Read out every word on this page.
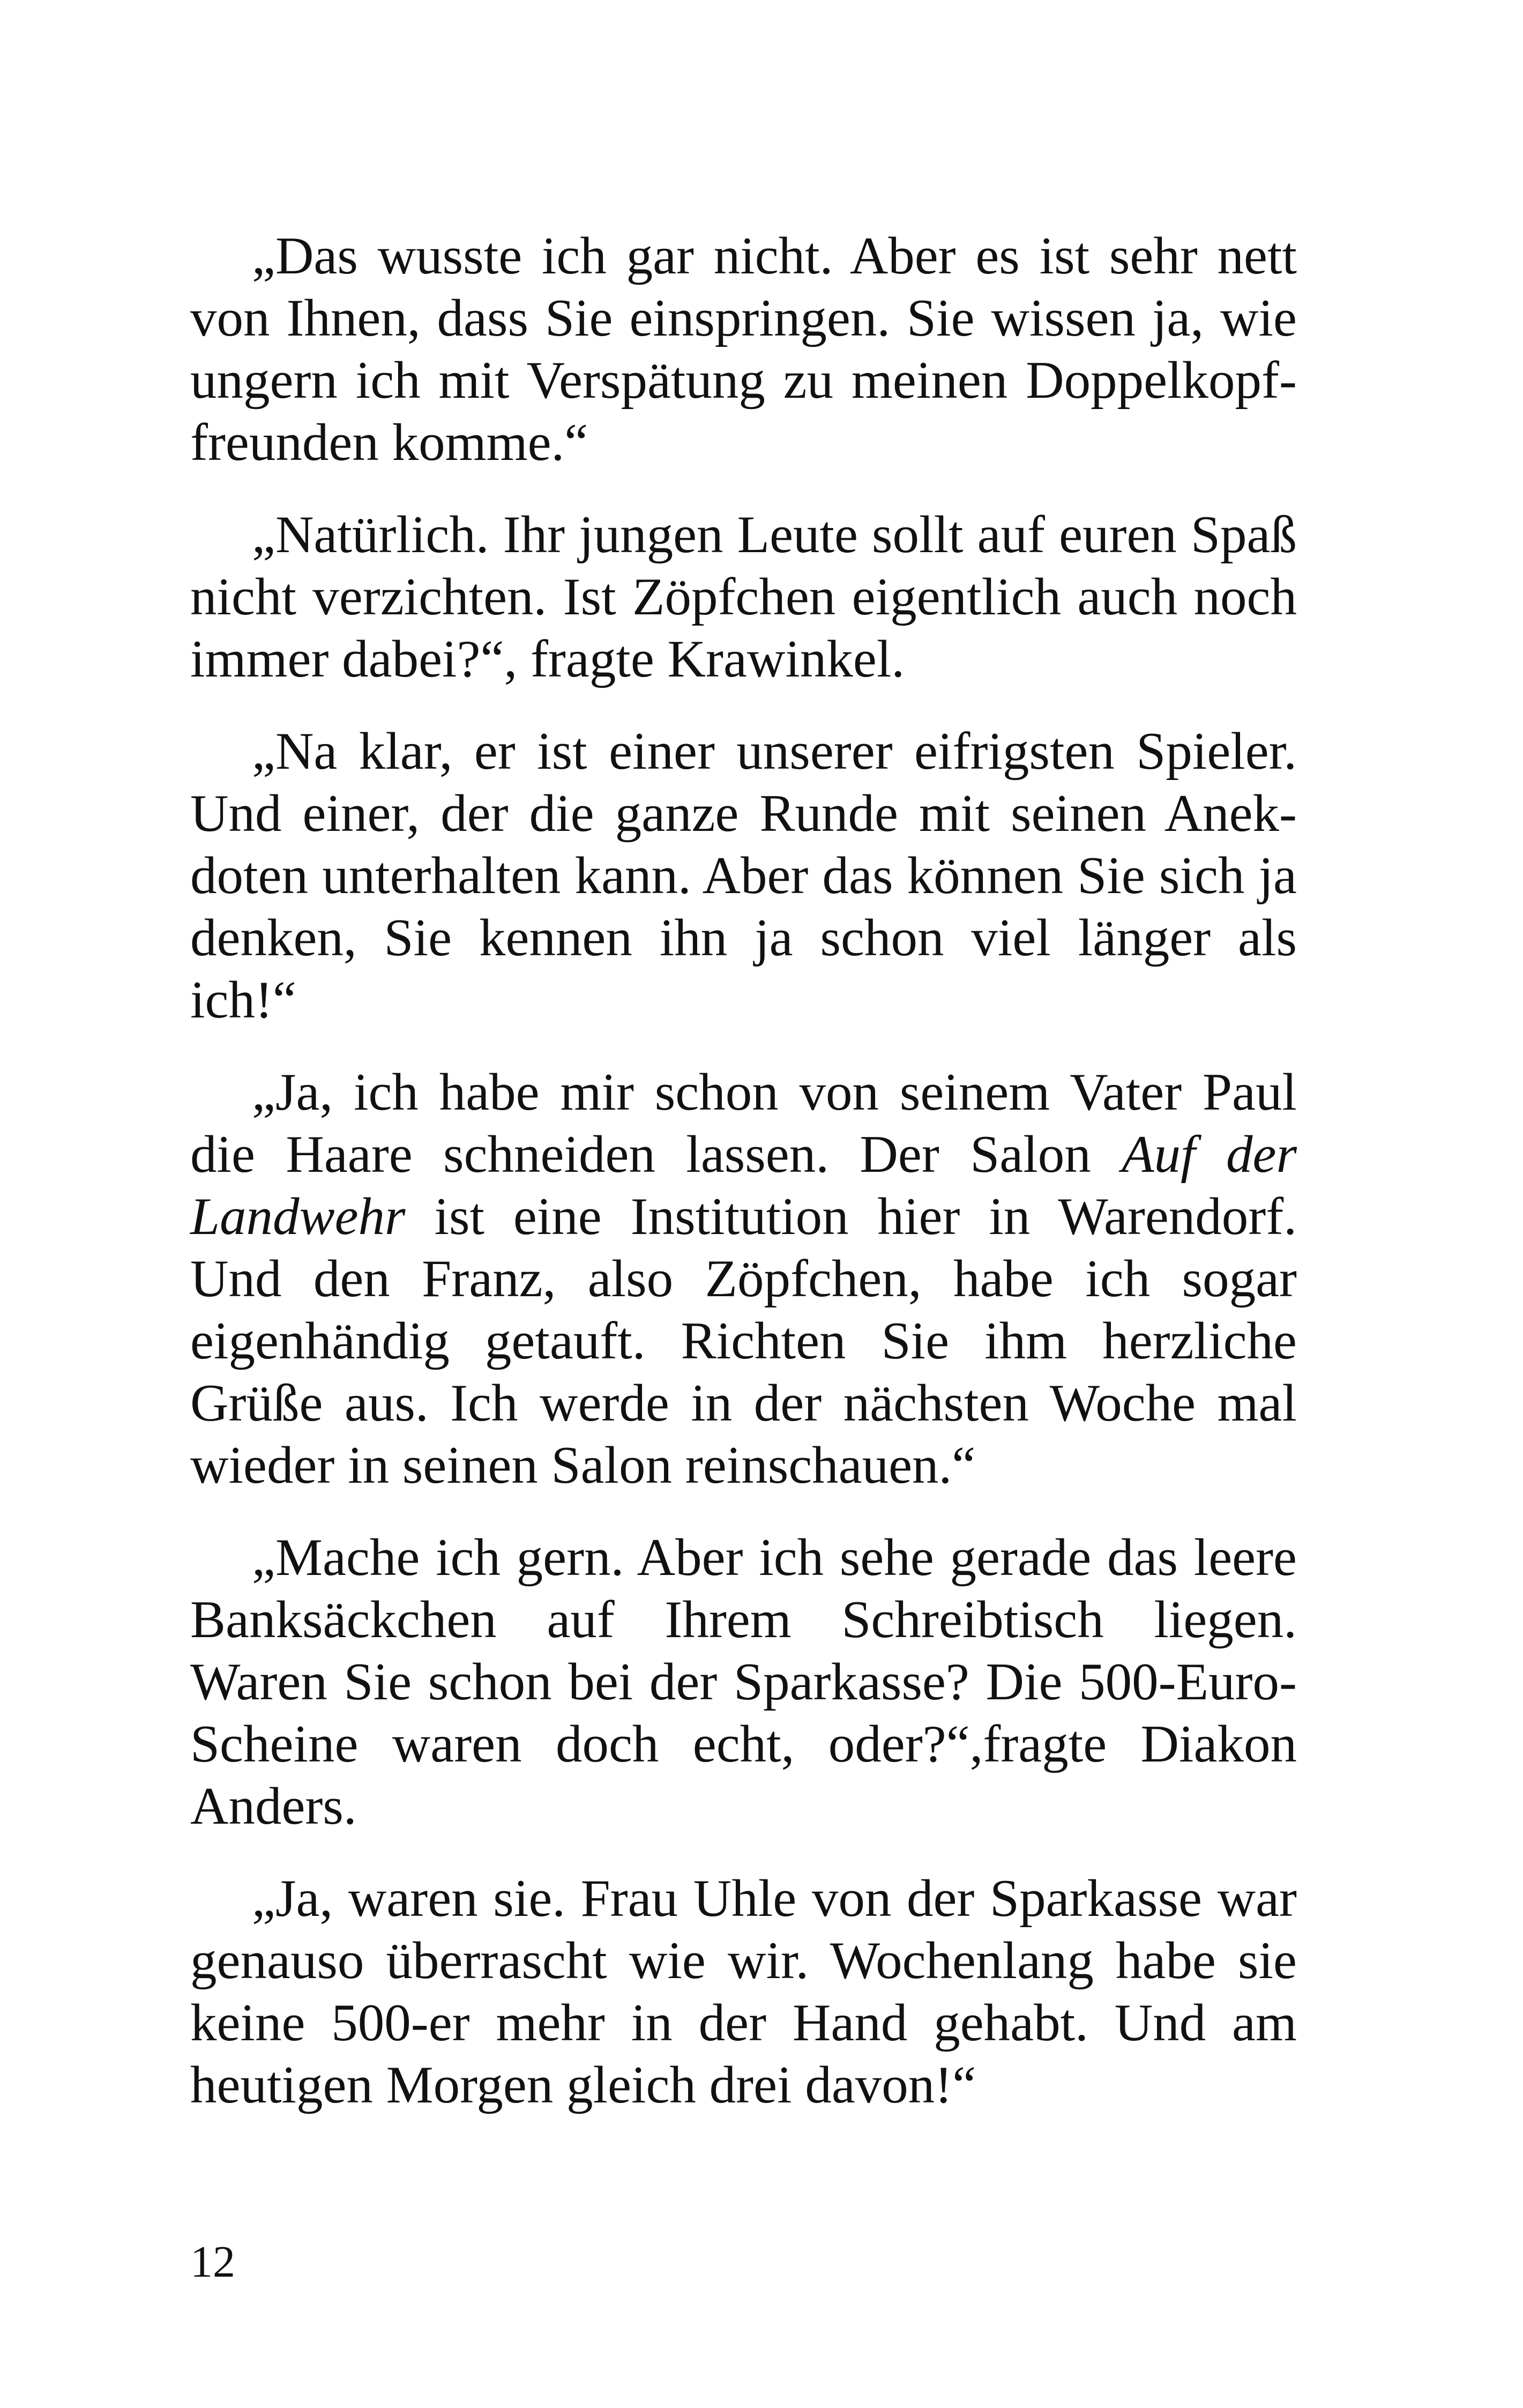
„Das wusste ich gar nicht. Aber es ist sehr nett von Ihnen, dass Sie einspringen. Sie wissen ja, wie ungern ich mit Verspätung zu meinen Doppelkopffreunden komme.“

„Natürlich. Ihr jungen Leute sollt auf euren Spaß nicht verzichten. Ist Zöpfchen eigentlich auch noch immer dabei?“, fragte Krawinkel.

„Na klar, er ist einer unserer eifrigsten Spieler. Und einer, der die ganze Runde mit seinen Anekdoten unterhalten kann. Aber das können Sie sich ja denken, Sie kennen ihn ja schon viel länger als ich!“

„Ja, ich habe mir schon von seinem Vater Paul die Haare schneiden lassen. Der Salon Auf der Landwehr ist eine Institution hier in Warendorf. Und den Franz, also Zöpfchen, habe ich sogar eigenhändig getauft. Richten Sie ihm herzliche Grüße aus. Ich werde in der nächsten Woche mal wieder in seinen Salon reinschauen.“

„Mache ich gern. Aber ich sehe gerade das leere Banksäckchen auf Ihrem Schreibtisch liegen. Waren Sie schon bei der Sparkasse? Die 500-Euro- Scheine waren doch echt, oder?“,fragte Diakon Anders.

„Ja, waren sie. Frau Uhle von der Sparkasse war genauso überrascht wie wir. Wochenlang habe sie keine 500-er mehr in der Hand gehabt. Und am heutigen Morgen gleich drei davon!“

12
